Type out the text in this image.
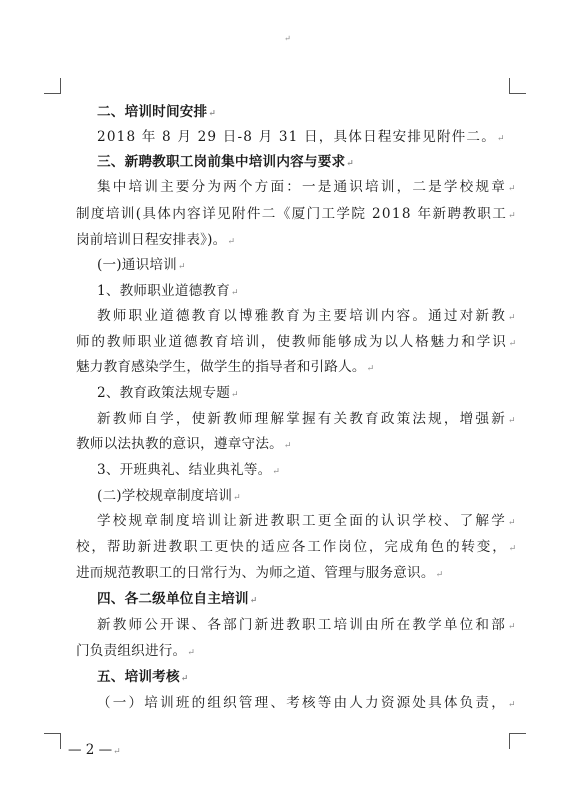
↵
二、培训时间安排↵
2018 年 8 月 29 日-8 月 31 日，具体日程安排见附件二。↵
三、新聘教职工岗前集中培训内容与要求↵
集中培训主要分为两个方面：一是通识培训，二是学校规章↵
制度培训(具体内容详见附件二《厦门工学院 2018 年新聘教职工↵
岗前培训日程安排表》)。↵
(一)通识培训↵
1、教师职业道德教育↵
教师职业道德教育以博雅教育为主要培训内容。通过对新教↵
师的教师职业道德教育培训，使教师能够成为以人格魅力和学识↵
魅力教育感染学生，做学生的指导者和引路人。↵
2、教育政策法规专题↵
新教师自学，使新教师理解掌握有关教育政策法规，增强新↵
教师以法执教的意识，遵章守法。↵
3、开班典礼、结业典礼等。↵
(二)学校规章制度培训↵
学校规章制度培训让新进教职工更全面的认识学校、了解学↵
校，帮助新进教职工更快的适应各工作岗位，完成角色的转变，↵
进而规范教职工的日常行为、为师之道、管理与服务意识。↵
四、各二级单位自主培训↵
新教师公开课、各部门新进教职工培训由所在教学单位和部↵
门负责组织进行。↵
五、培训考核↵
（一）培训班的组织管理、考核等由人力资源处具体负责，↵
— 2 —↵
